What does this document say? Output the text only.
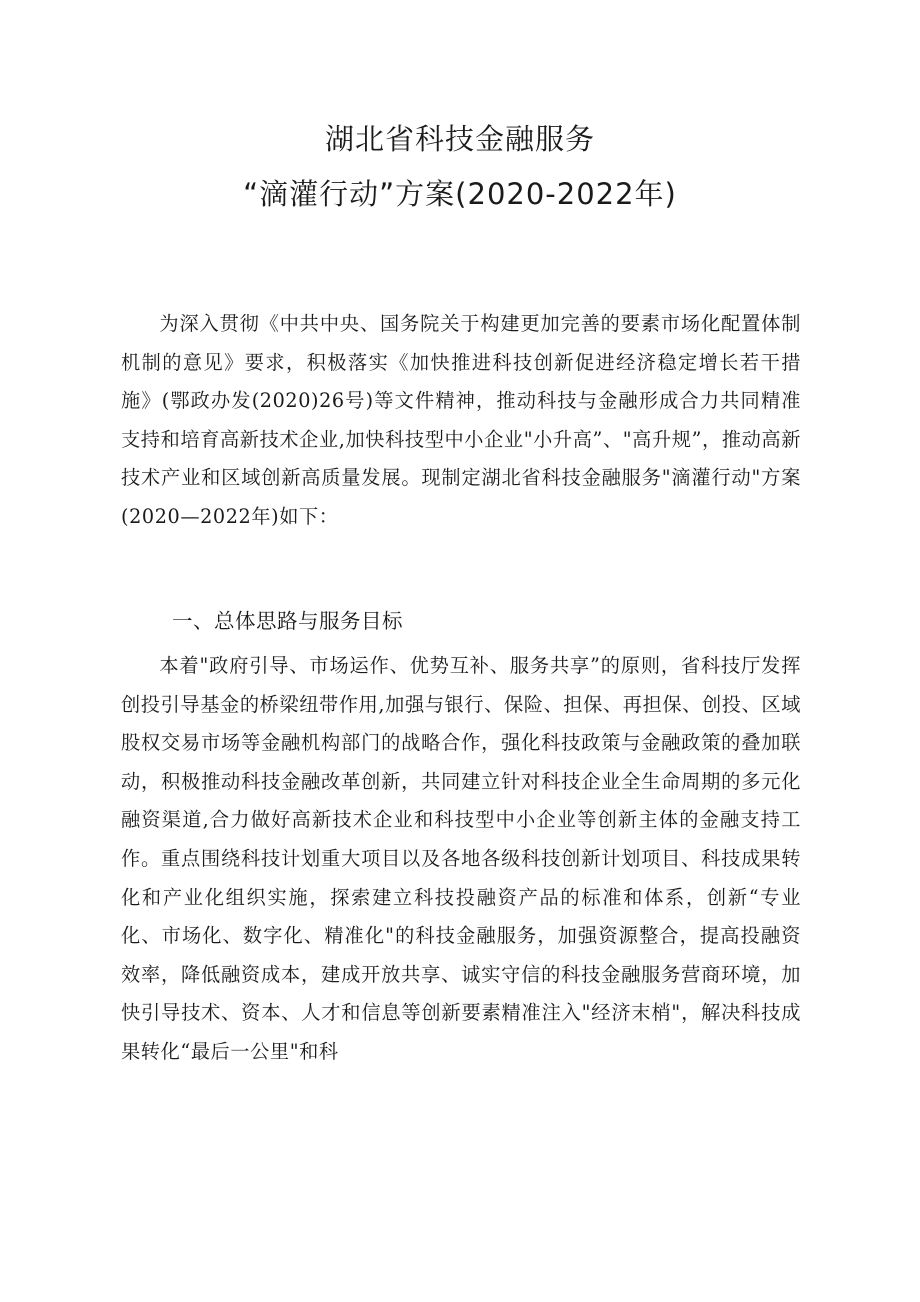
湖北省科技金融服务
“滴灌行动”方案(2020-2022年)

为深入贯彻《中共中央、国务院关于构建更加完善的要素市场化配置体制机制的意见》要求，积极落实《加快推进科技创新促进经济稳定增长若干措施》(鄂政办发(2020)26号)等文件精神，推动科技与金融形成合力共同精准支持和培育高新技术企业,加快科技型中小企业"小升高”、"高升规”，推动高新技术产业和区域创新高质量发展。现制定湖北省科技金融服务"滴灌行动"方案(2020—2022年)如下：

一、总体思路与服务目标

本着"政府引导、市场运作、优势互补、服务共享”的原则，省科技厅发挥创投引导基金的桥梁纽带作用,加强与银行、保险、担保、再担保、创投、区域股权交易市场等金融机构部门的战略合作，强化科技政策与金融政策的叠加联动，积极推动科技金融改革创新，共同建立针对科技企业全生命周期的多元化融资渠道,合力做好高新技术企业和科技型中小企业等创新主体的金融支持工作。重点围绕科技计划重大项目以及各地各级科技创新计划项目、科技成果转化和产业化组织实施，探索建立科技投融资产品的标准和体系，创新“专业化、市场化、数字化、精准化"的科技金融服务，加强资源整合，提高投融资效率，降低融资成本，建成开放共享、诚实守信的科技金融服务营商环境，加快引导技术、资本、人才和信息等创新要素精准注入"经济末梢"，解决科技成果转化“最后一公里"和科
